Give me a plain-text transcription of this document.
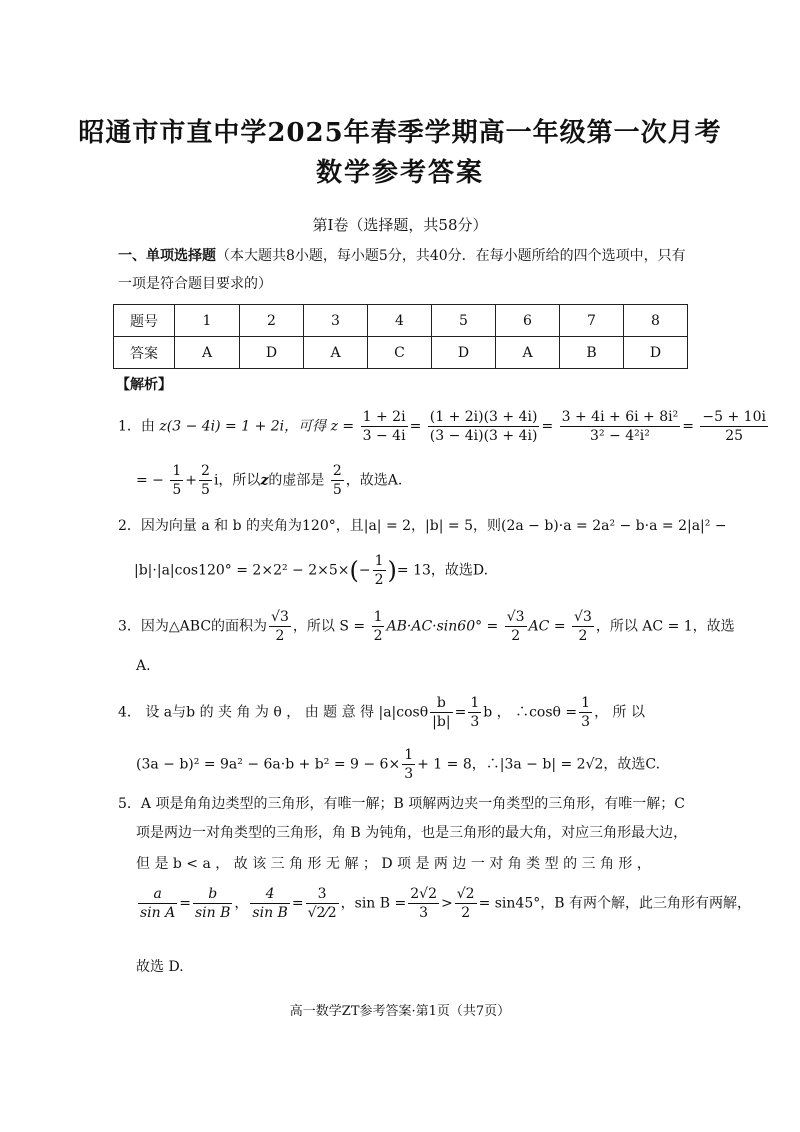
昭通市市直中学2025年春季学期高一年级第一次月考
数学参考答案
第Ⅰ卷（选择题，共58分）
一、单项选择题（本大题共8小题，每小题5分，共40分．在每小题所给的四个选项中，只有一项是符合题目要求的）
题号	1	2	3	4	5	6	7	8
答案	A	D	A	C	D	A	B	D
【解析】
1．由 z(3 − 4i) = 1 + 2i，可得 $z = \frac{1 + 2i}{3 - 4i} = \frac{(1 + 2i)(3 + 4i)}{(3 - 4i)(3 + 4i)} = \frac{\text{3 + 4i + 6i + 8i²}}{\text{3² − 4²i²}} = \frac{-5 + 10i}{25}$
= − $\frac{1}{5} + \frac{2}{5}$ i，所以z的虚部是 $\frac{2}{5}$ ，故选A.
2．因为向量 a 和 b 的夹角为120°，且|a| = 2，|b| = 5，则(2a − b)·a = 2a² − b·a = 2|a|² −
$|b|\cdot|a|\cos 120^\circ = 2\times 2^2 - 2\times 5\times(- \frac{1}{2}$ )= 13，故选D.
3．因为△ABC的面积为 $\frac{√3}{2}$ ，所以 $S = \frac{1}{2} AB\cdot AC\cdot\sin 60^\circ = \frac{√3}{2}$ AC = $\frac{√3}{2}$ ，所以 AC = 1，故选
A.
4． 设 a与b 的 夹 角 为 θ ， 由 题 意 得 $|a|\cos\theta \frac{b}{|b|} = \frac{1}{3}$ b ， ∴cosθ = $\frac{1}{3}$ ， 所 以
$(3a - b)^2 = 9a^2 - 6a\cdot b + b^2 = 9 - 6\times \frac{1}{3} + 1 = 8$，∴|3a − b| = 2√2，故选C.
5．A 项是角角边类型的三角形，有唯一解；B 项解两边夹一角类型的三角形，有唯一解；C
项是两边一对角类型的三角形，角 B 为钝角，也是三角形的最大角，对应三角形最大边，
但 是 b < a ， 故 该 三 角 形 无 解 ； D 项 是 两 边 一 对 角 类 型 的 三 角 形 ，
$\frac{a}{\text{sin A}} = \frac{b}{\text{sin B}}$ ， $\frac{4}{\text{sin B}} = \frac{3}{√2⁄2}$ ，$\sin B = \frac{2√2}{3} > \frac{√2}{2} = \sin 45^\circ$，B 有两个解，此三角形有两解，
故选 D.
高一数学ZT参考答案·第1页（共7页）
